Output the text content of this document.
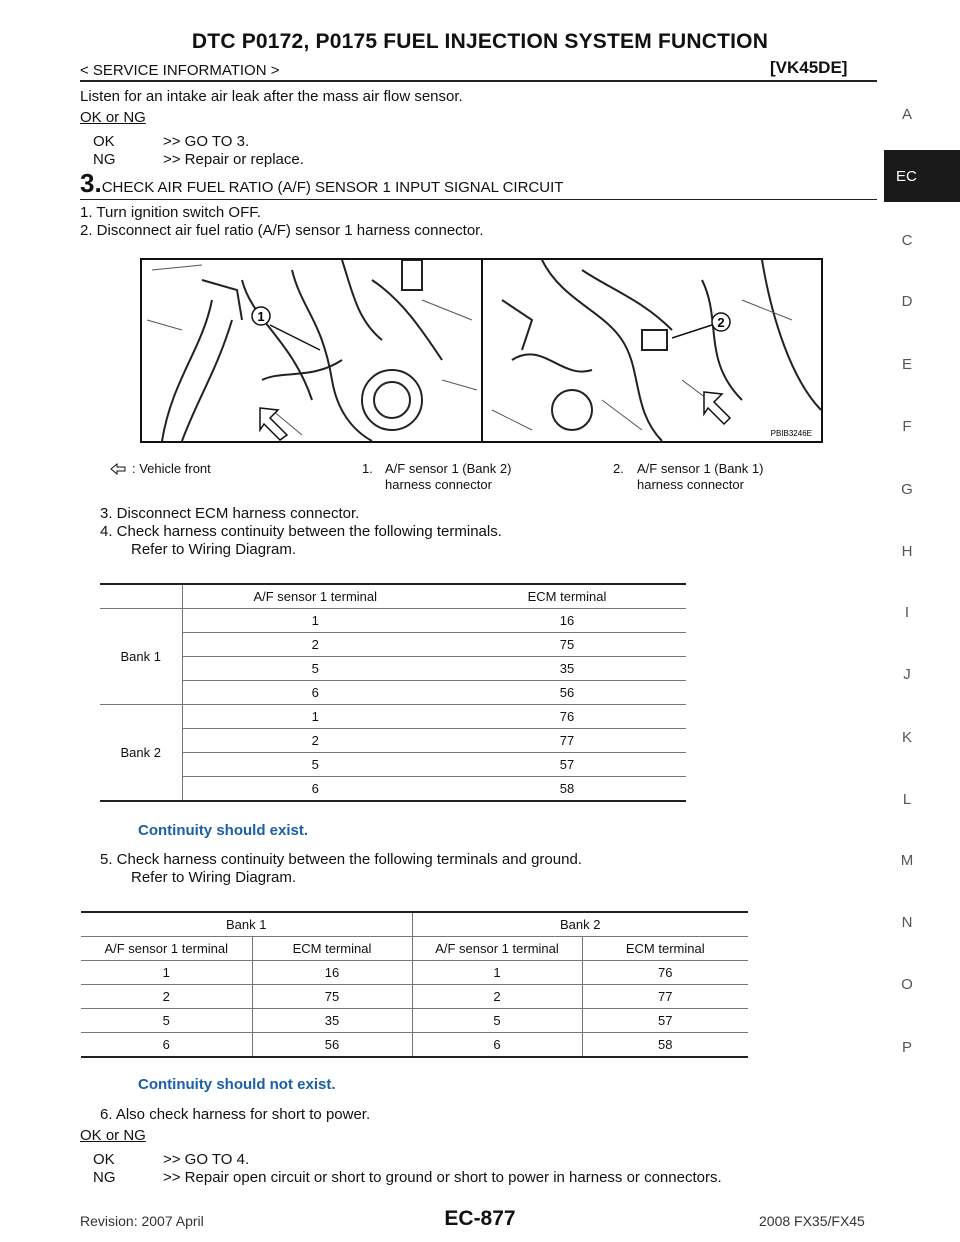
DTC P0172, P0175 FUEL INJECTION SYSTEM FUNCTION
< SERVICE INFORMATION >	[VK45DE]
A
EC
C
D
E
F
G
H
I
J
K
L
M
N
O
P
Listen for an intake air leak after the mass air flow sensor.
OK or NG
OK	>> GO TO 3.
NG	>> Repair or replace.
3.CHECK AIR FUEL RATIO (A/F) SENSOR 1 INPUT SIGNAL CIRCUIT
1. Turn ignition switch OFF.
2. Disconnect air fuel ratio (A/F) sensor 1 harness connector.
1	2
PBIB3246E
: Vehicle front	1. A/F sensor 1 (Bank 2)
harness connector
2. A/F sensor 1 (Bank 1)
harness connector
3. Disconnect ECM harness connector.
4. Check harness continuity between the following terminals.
Refer to Wiring Diagram.
	A/F sensor 1 terminal	ECM terminal
Bank 1	1	16
	2	75
	5	35
	6	56
Bank 2	1	76
	2	77
	5	57
	6	58
Continuity should exist.
5. Check harness continuity between the following terminals and ground.
Refer to Wiring Diagram.
Bank 1		Bank 2	
A/F sensor 1 terminal	ECM terminal	A/F sensor 1 terminal	ECM terminal
1	16	1	76
2	75	2	77
5	35	5	57
6	56	6	58
Continuity should not exist.
6. Also check harness for short to power.
OK or NG
OK	>> GO TO 4.
NG	>> Repair open circuit or short to ground or short to power in harness or connectors.
Revision: 2007 April	EC-877	2008 FX35/FX45
